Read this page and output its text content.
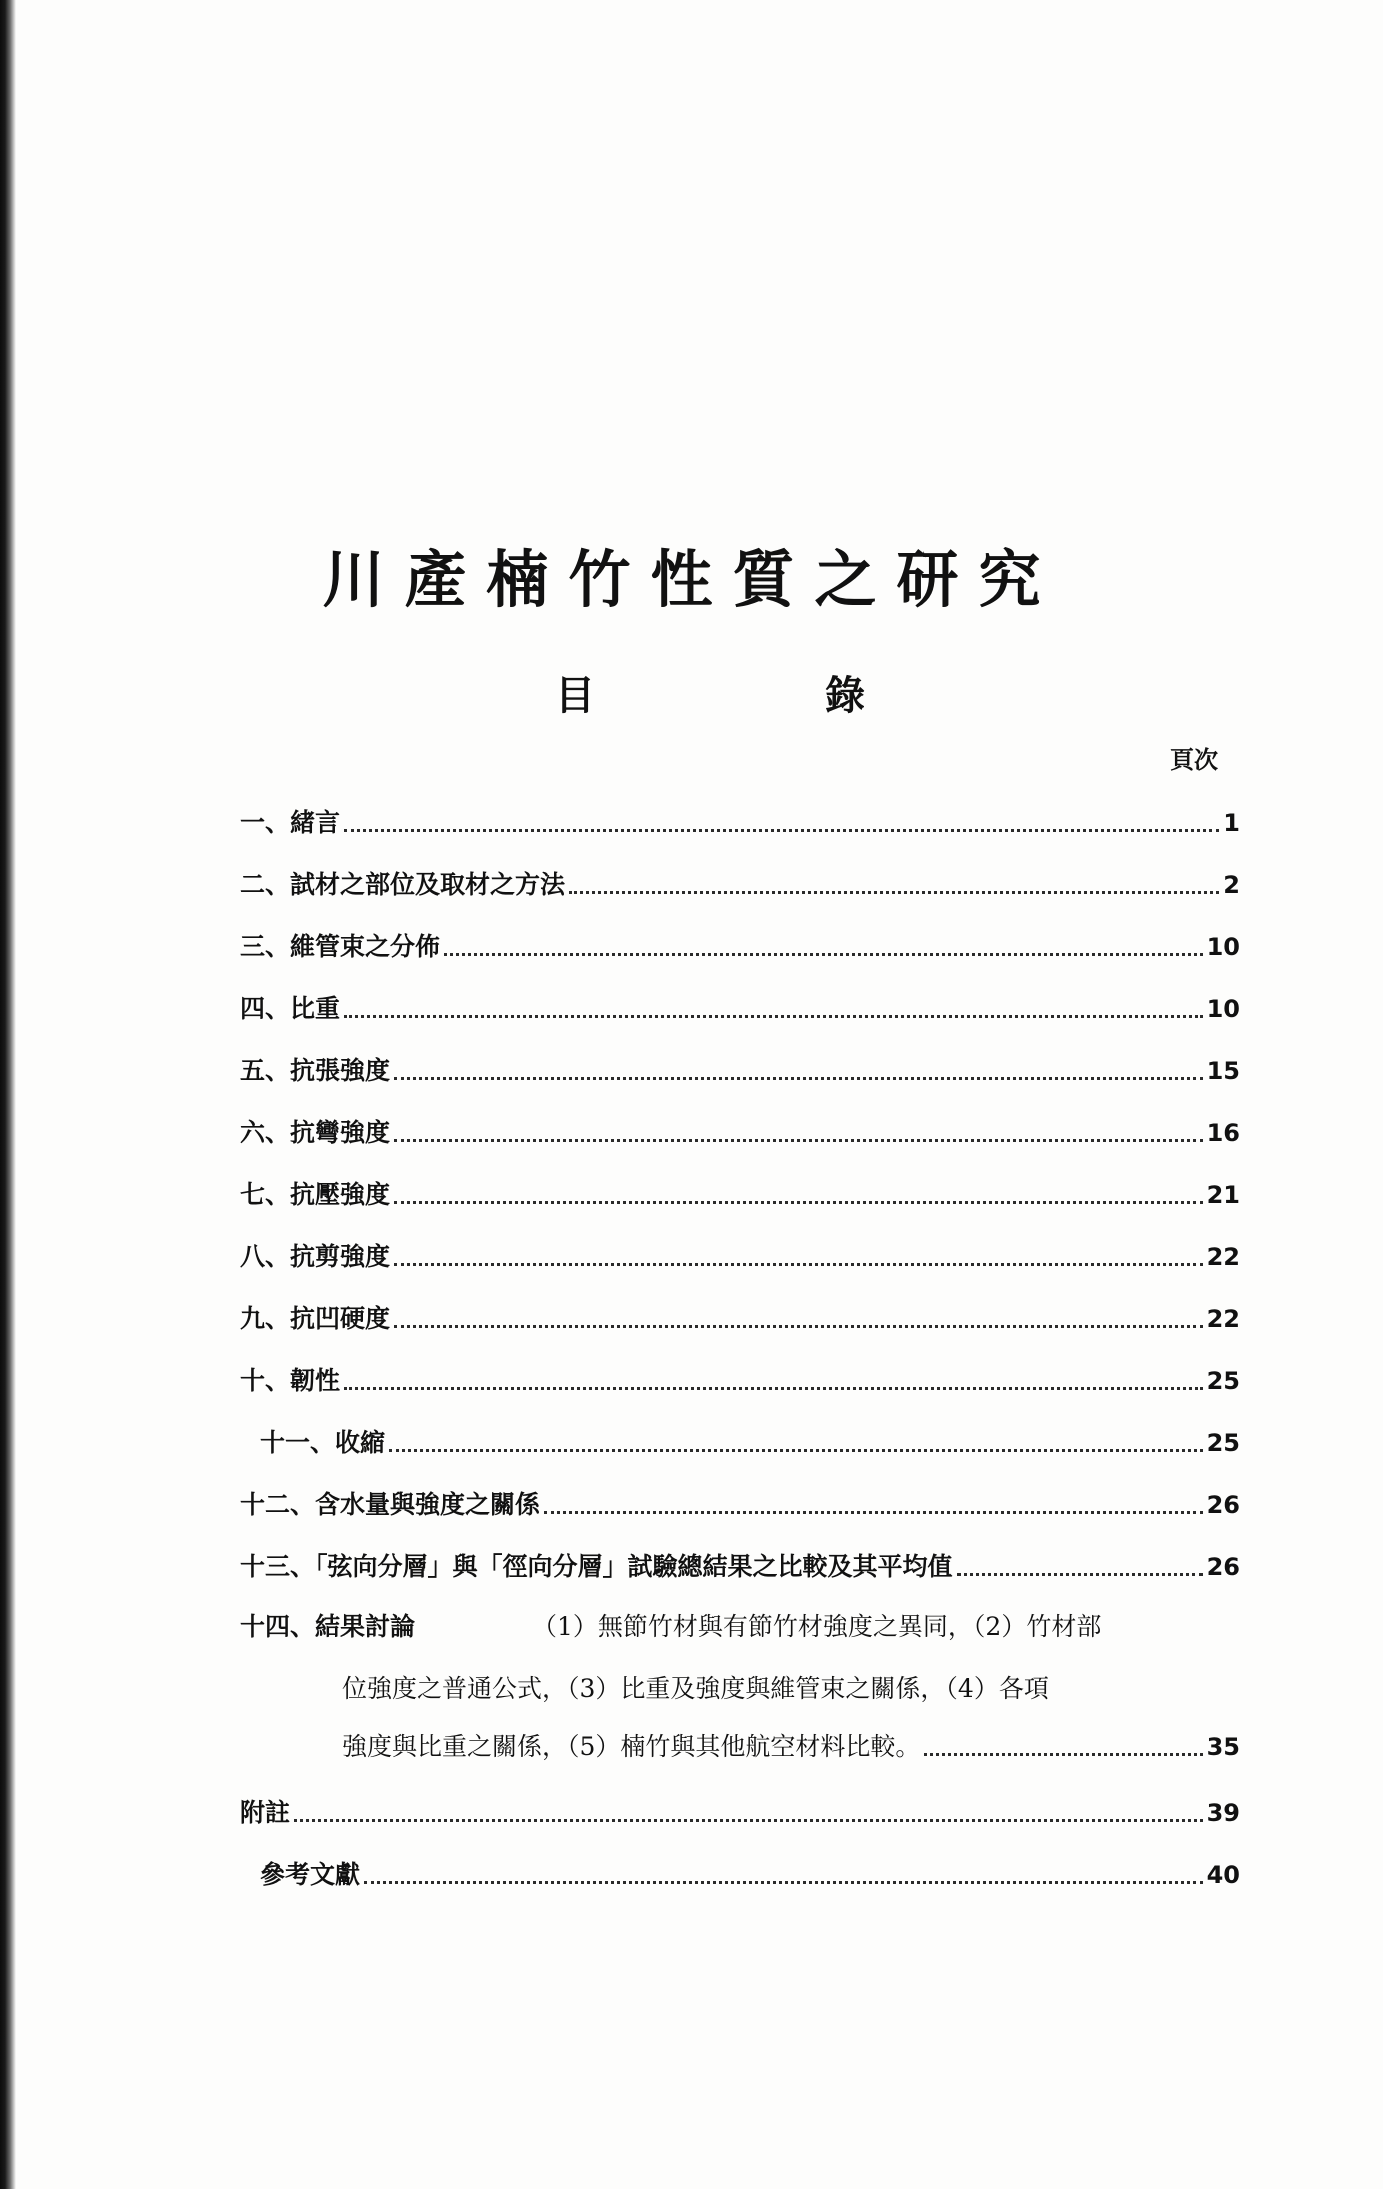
川產楠竹性質之研究
目	錄
頁次
一、緒言	1
二、試材之部位及取材之方法	2
三、維管束之分佈	10
四、比重	10
五、抗張強度	15
六、抗彎強度	16
七、抗壓強度	21
八、抗剪強度	22
九、抗凹硬度	22
十、韌性	25
十一、收縮	25
十二、含水量與強度之關係	26
十三、「弦向分層」與「徑向分層」試驗總結果之比較及其平均值	26
十四、結果討論	（1）無節竹材與有節竹材強度之異同，（2）竹材部
位強度之普通公式，（3）比重及強度與維管束之關係，（4）各項
強度與比重之關係，（5）楠竹與其他航空材料比較。	35
附註	39
參考文獻	40
